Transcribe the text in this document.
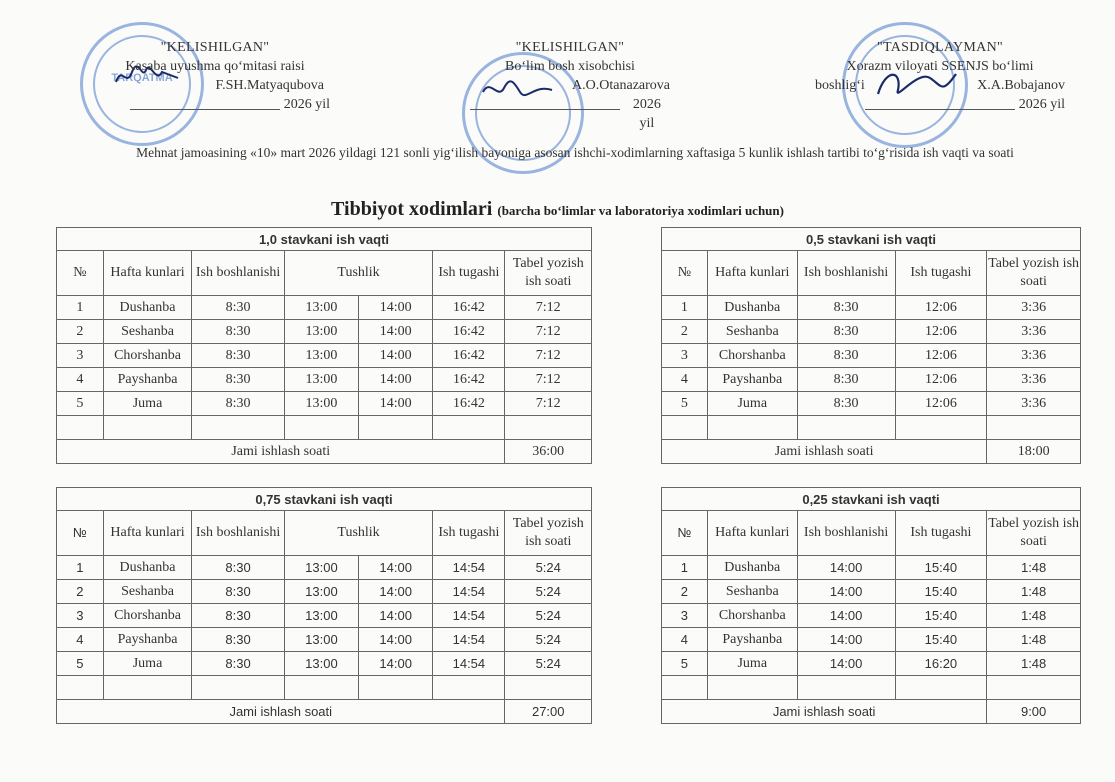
TARQATMA
"KELISHILGAN"
Kasaba uyushma qo‘mitasi raisi
F.SH.Matyaqubova
2026 yil
"KELISHILGAN"
Bo‘lim bosh xisobchisi
A.O.Otanazarova
2026 yil
"TASDIQLAYMAN"
Xorazm viloyati SSENJS bo‘limi
boshlig‘i	X.A.Bobajanov
2026 yil
Mehnat jamoasining «10» mart 2026 yildagi 121 sonli yig‘ilish bayoniga asosan ishchi-xodimlarning xaftasiga 5 kunlik ishlash tartibi to‘g‘risida ish vaqti va soati
Tibbiyot xodimlari (barcha bo‘limlar va laboratoriya xodimlari uchun)
1,0 stavkani ish vaqti						
№	Hafta kunlari	Ish boshlanishi	Tushlik		Ish tugashi	Tabel yozish ish soati
1	Dushanba	8:30	13:00	14:00	16:42	7:12
2	Seshanba	8:30	13:00	14:00	16:42	7:12
3	Chorshanba	8:30	13:00	14:00	16:42	7:12
4	Payshanba	8:30	13:00	14:00	16:42	7:12
5	Juma	8:30	13:00	14:00	16:42	7:12

Jami ishlash soati						36:00
0,5 stavkani ish vaqti				
№	Hafta kunlari	Ish boshlanishi	Ish tugashi	Tabel yozish ish soati
1	Dushanba	8:30	12:06	3:36
2	Seshanba	8:30	12:06	3:36
3	Chorshanba	8:30	12:06	3:36
4	Payshanba	8:30	12:06	3:36
5	Juma	8:30	12:06	3:36

Jami ishlash soati				18:00
0,75 stavkani ish vaqti						
№	Hafta kunlari	Ish boshlanishi	Tushlik		Ish tugashi	Tabel yozish ish soati
1	Dushanba	8:30	13:00	14:00	14:54	5:24
2	Seshanba	8:30	13:00	14:00	14:54	5:24
3	Chorshanba	8:30	13:00	14:00	14:54	5:24
4	Payshanba	8:30	13:00	14:00	14:54	5:24
5	Juma	8:30	13:00	14:00	14:54	5:24

Jami ishlash soati						27:00
0,25 stavkani ish vaqti				
№	Hafta kunlari	Ish boshlanishi	Ish tugashi	Tabel yozish ish soati
1	Dushanba	14:00	15:40	1:48
2	Seshanba	14:00	15:40	1:48
3	Chorshanba	14:00	15:40	1:48
4	Payshanba	14:00	15:40	1:48
5	Juma	14:00	16:20	1:48

Jami ishlash soati				9:00
